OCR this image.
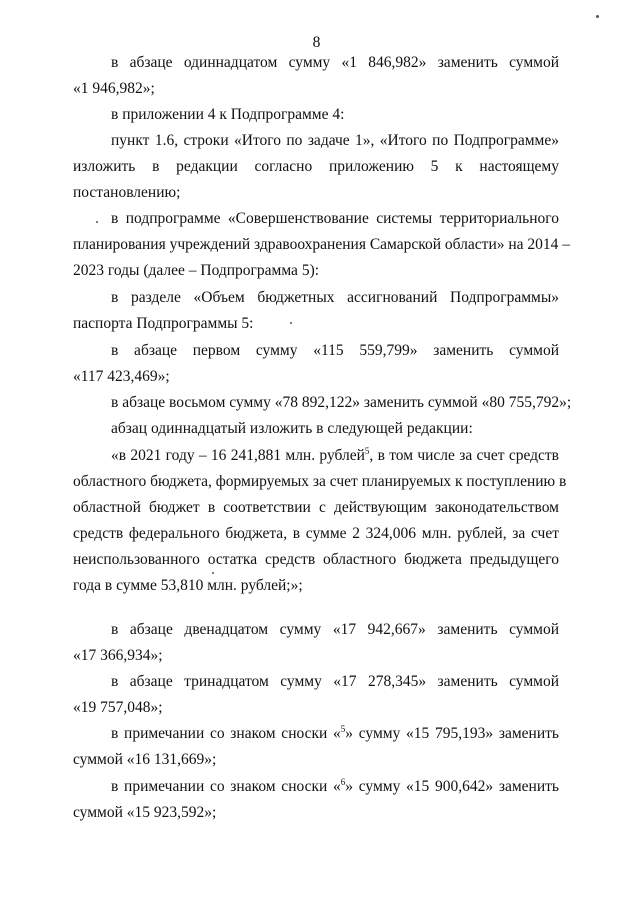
8
в абзаце одиннадцатом сумму «1 846,982» заменить суммой
«1 946,982»;
в приложении 4 к Подпрограмме 4:
пункт 1.6, строки «Итого по задаче 1», «Итого по Подпрограмме»
изложить в редакции согласно приложению 5 к настоящему
постановлению;
в подпрограмме «Совершенствование системы территориального
планирования учреждений здравоохранения Самарской области» на 2014 –
2023 годы (далее – Подпрограмма 5):
в разделе «Объем бюджетных ассигнований Подпрограммы»
паспорта Подпрограммы 5:
в абзаце первом сумму «115 559,799» заменить суммой
«117 423,469»;
в абзаце восьмом сумму «78 892,122» заменить суммой «80 755,792»;
абзац одиннадцатый изложить в следующей редакции:
«в 2021 году – 16 241,881 млн. рублей$^5$, в том числе за счет средств
областного бюджета, формируемых за счет планируемых к поступлению в
областной бюджет в соответствии с действующим законодательством
средств федерального бюджета, в сумме 2 324,006 млн. рублей, за счет
неиспользованного остатка средств областного бюджета предыдущего
года в сумме 53,810 млн. рублей;»;
в абзаце двенадцатом сумму «17 942,667» заменить суммой
«17 366,934»;
в абзаце тринадцатом сумму «17 278,345» заменить суммой
«19 757,048»;
в примечании со знаком сноски «$^5$» сумму «15 795,193» заменить
суммой «16 131,669»;
в примечании со знаком сноски «$^6$» сумму «15 900,642» заменить
суммой «15 923,592»;
